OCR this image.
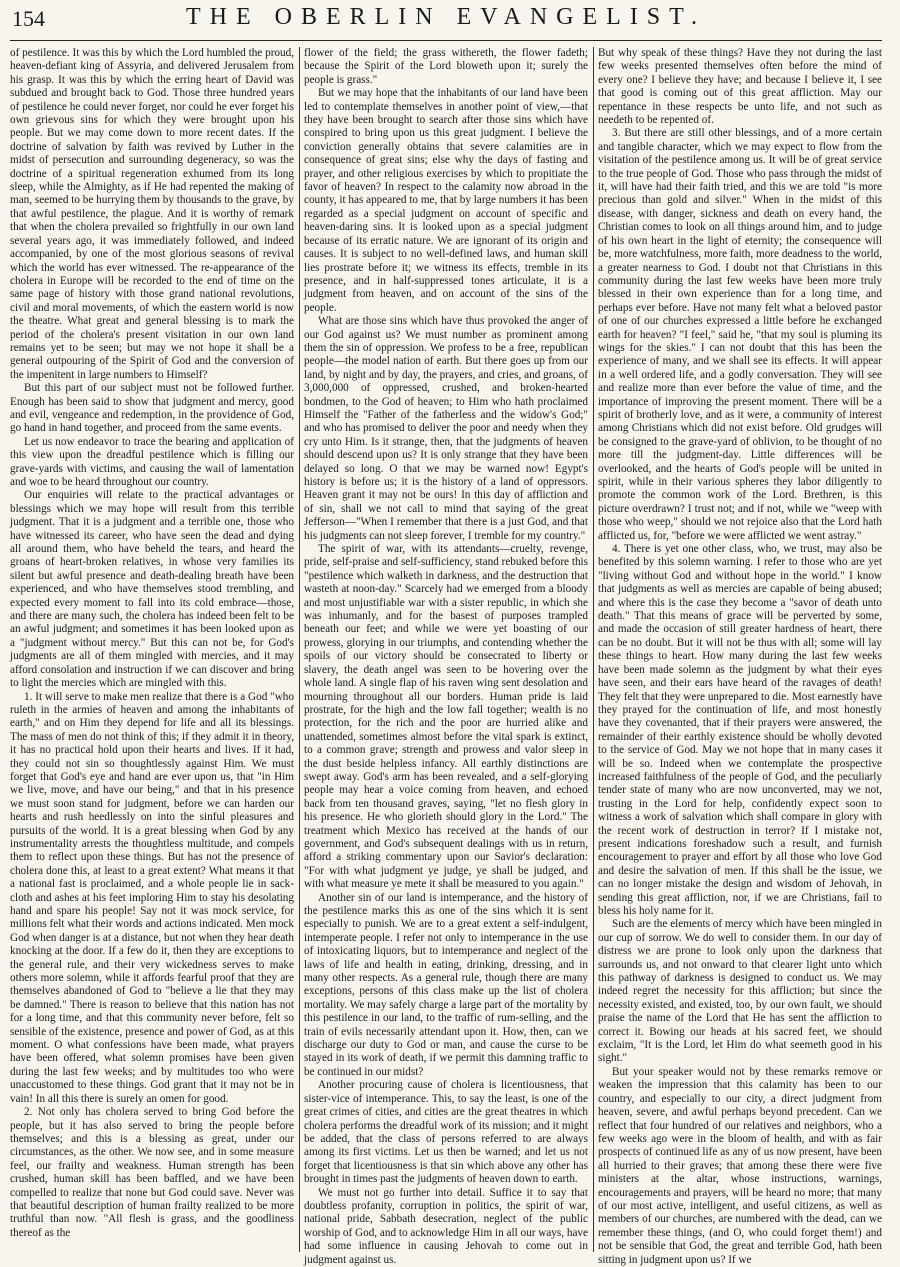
154	THE OBERLIN EVANGELIST.

of pestilence. It was this by which the Lord humbled the proud, heaven-defiant king of Assyria, and delivered Jerusalem from his grasp. It was this by which the erring heart of David was subdued and brought back to God. Those three hundred years of pestilence he could never forget, nor could he ever forget his own grievous sins for which they were brought upon his people. But we may come down to more recent dates. If the doctrine of salvation by faith was revived by Luther in the midst of persecution and surrounding degeneracy, so was the doctrine of a spiritual regeneration exhumed from its long sleep, while the Almighty, as if He had repented the making of man, seemed to be hurrying them by thousands to the grave, by that awful pestilence, the plague. And it is worthy of remark that when the cholera prevailed so frightfully in our own land several years ago, it was immediately followed, and indeed accompanied, by one of the most glorious seasons of revival which the world has ever witnessed. The re-appearance of the cholera in Europe will be recorded to the end of time on the same page of history with those grand national revolutions, civil and moral movements, of which the eastern world is now the theatre. What great and general blessing is to mark the period of the cholera's present visitation in our own land remains yet to be seen; but may we not hope it shall be a general outpouring of the Spirit of God and the conversion of the impenitent in large numbers to Himself?

But this part of our subject must not be followed further. Enough has been said to show that judgment and mercy, good and evil, vengeance and redemption, in the providence of God, go hand in hand together, and proceed from the same events.

Let us now endeavor to trace the bearing and application of this view upon the dreadful pestilence which is filling our grave-yards with victims, and causing the wail of lamentation and woe to be heard throughout our country.

Our enquiries will relate to the practical advantages or blessings which we may hope will result from this terrible judgment. That it is a judgment and a terrible one, those who have witnessed its career, who have seen the dead and dying all around them, who have beheld the tears, and heard the groans of heart-broken relatives, in whose very families its silent but awful presence and death-dealing breath have been experienced, and who have themselves stood trembling, and expected every moment to fall into its cold embrace—those, and there are many such, the cholera has indeed been felt to be an awful judgment; and sometimes it has been looked upon as a "judgment without mercy." But this can not be, for God's judgments are all of them mingled with mercies, and it may afford consolation and instruction if we can discover and bring to light the mercies which are mingled with this.

1. It will serve to make men realize that there is a God "who ruleth in the armies of heaven and among the inhabitants of earth," and on Him they depend for life and all its blessings. The mass of men do not think of this; if they admit it in theory, it has no practical hold upon their hearts and lives. If it had, they could not sin so thoughtlessly against Him. We must forget that God's eye and hand are ever upon us, that "in Him we live, move, and have our being," and that in his presence we must soon stand for judgment, before we can harden our hearts and rush heedlessly on into the sinful pleasures and pursuits of the world. It is a great blessing when God by any instrumentality arrests the thoughtless multitude, and compels them to reflect upon these things. But has not the presence of cholera done this, at least to a great extent? What means it that a national fast is proclaimed, and a whole people lie in sack-cloth and ashes at his feet imploring Him to stay his desolating hand and spare his people! Say not it was mock service, for millions felt what their words and actions indicated. Men mock God when danger is at a distance, but not when they hear death knocking at the door. If a few do it, then they are exceptions to the general rule, and their very wickedness serves to make others more solemn, while it affords fearful proof that they are themselves abandoned of God to "believe a lie that they may be damned." There is reason to believe that this nation has not for a long time, and that this community never before, felt so sensible of the existence, presence and power of God, as at this moment. O what confessions have been made, what prayers have been offered, what solemn promises have been given during the last few weeks; and by multitudes too who were unaccustomed to these things. God grant that it may not be in vain! In all this there is surely an omen for good.

2. Not only has cholera served to bring God before the people, but it has also served to bring the people before themselves; and this is a blessing as great, under our circumstances, as the other. We now see, and in some measure feel, our frailty and weakness. Human strength has been crushed, human skill has been baffled, and we have been compelled to realize that none but God could save. Never was that beautiful description of human frailty realized to be more truthful than now. "All flesh is grass, and the goodliness thereof as the

flower of the field; the grass withereth, the flower fadeth; because the Spirit of the Lord bloweth upon it; surely the people is grass."

But we may hope that the inhabitants of our land have been led to contemplate themselves in another point of view,—that they have been brought to search after those sins which have conspired to bring upon us this great judgment. I believe the conviction generally obtains that severe calamities are in consequence of great sins; else why the days of fasting and prayer, and other religious exercises by which to propitiate the favor of heaven? In respect to the calamity now abroad in the county, it has appeared to me, that by large numbers it has been regarded as a special judgment on account of specific and heaven-daring sins. It is looked upon as a special judgment because of its erratic nature. We are ignorant of its origin and causes. It is subject to no well-defined laws, and human skill lies prostrate before it; we witness its effects, tremble in its presence, and in half-suppressed tones articulate, it is a judgment from heaven, and on account of the sins of the people.

What are those sins which have thus provoked the anger of our God against us? We must number as prominent among them the sin of oppression. We profess to be a free, republican people—the model nation of earth. But there goes up from our land, by night and by day, the prayers, and cries, and groans, of 3,000,000 of oppressed, crushed, and broken-hearted bondmen, to the God of heaven; to Him who hath proclaimed Himself the "Father of the fatherless and the widow's God;" and who has promised to deliver the poor and needy when they cry unto Him. Is it strange, then, that the judgments of heaven should descend upon us? It is only strange that they have been delayed so long. O that we may be warned now! Egypt's history is before us; it is the history of a land of oppressors. Heaven grant it may not be ours! In this day of affliction and of sin, shall we not call to mind that saying of the great Jefferson—"When I remember that there is a just God, and that his judgments can not sleep forever, I tremble for my country."

The spirit of war, with its attendants—cruelty, revenge, pride, self-praise and self-sufficiency, stand rebuked before this "pestilence which walketh in darkness, and the destruction that wasteth at noon-day." Scarcely had we emerged from a bloody and most unjustifiable war with a sister republic, in which she was inhumanly, and for the basest of purposes trampled beneath our feet; and while we were yet boasting of our prowess, glorying in our triumphs, and contending whether the spoils of our victory should be consecrated to liberty or slavery, the death angel was seen to be hovering over the whole land. A single flap of his raven wing sent desolation and mourning throughout all our borders. Human pride is laid prostrate, for the high and the low fall together; wealth is no protection, for the rich and the poor are hurried alike and unattended, sometimes almost before the vital spark is extinct, to a common grave; strength and prowess and valor sleep in the dust beside helpless infancy. All earthly distinctions are swept away. God's arm has been revealed, and a self-glorying people may hear a voice coming from heaven, and echoed back from ten thousand graves, saying, "let no flesh glory in his presence. He who glorieth should glory in the Lord." The treatment which Mexico has received at the hands of our government, and God's subsequent dealings with us in return, afford a striking commentary upon our Savior's declaration: "For with what judgment ye judge, ye shall be judged, and with what measure ye mete it shall be measured to you again."

Another sin of our land is intemperance, and the history of the pestilence marks this as one of the sins which it is sent especially to punish. We are to a great extent a self-indulgent, intemperate people. I refer not only to intemperance in the use of intoxicating liquors, but to intemperance and neglect of the laws of life and health in eating, drinking, dressing, and in many other respects. As a general rule, though there are many exceptions, persons of this class make up the list of cholera mortality. We may safely charge a large part of the mortality by this pestilence in our land, to the traffic of rum-selling, and the train of evils necessarily attendant upon it. How, then, can we discharge our duty to God or man, and cause the curse to be stayed in its work of death, if we permit this damning traffic to be continued in our midst?

Another procuring cause of cholera is licentiousness, that sister-vice of intemperance. This, to say the least, is one of the great crimes of cities, and cities are the great theatres in which cholera performs the dreadful work of its mission; and it might be added, that the class of persons referred to are always among its first victims. Let us then be warned; and let us not forget that licentiousness is that sin which above any other has brought in times past the judgments of heaven down to earth.

We must not go further into detail. Suffice it to say that doubtless profanity, corruption in politics, the spirit of war, national pride, Sabbath desecration, neglect of the public worship of God, and to acknowledge Him in all our ways, have had some influence in causing Jehovah to come out in judgment against us.

But why speak of these things? Have they not during the last few weeks presented themselves often before the mind of every one? I believe they have; and because I believe it, I see that good is coming out of this great affliction. May our repentance in these respects be unto life, and not such as needeth to be repented of.

3. But there are still other blessings, and of a more certain and tangible character, which we may expect to flow from the visitation of the pestilence among us. It will be of great service to the true people of God. Those who pass through the midst of it, will have had their faith tried, and this we are told "is more precious than gold and silver." When in the midst of this disease, with danger, sickness and death on every hand, the Christian comes to look on all things around him, and to judge of his own heart in the light of eternity; the consequence will be, more watchfulness, more faith, more deadness to the world, a greater nearness to God. I doubt not that Christians in this community during the last few weeks have been more truly blessed in their own experience than for a long time, and perhaps ever before. Have not many felt what a beloved pastor of one of our churches expressed a little before he exchanged earth for heaven? "I feel," said he, "that my soul is pluming its wings for the skies." I can not doubt that this has been the experience of many, and we shall see its effects. It will appear in a well ordered life, and a godly conversation. They will see and realize more than ever before the value of time, and the importance of improving the present moment. There will be a spirit of brotherly love, and as it were, a community of interest among Christians which did not exist before. Old grudges will be consigned to the grave-yard of oblivion, to be thought of no more till the judgment-day. Little differences will be overlooked, and the hearts of God's people will be united in spirit, while in their various spheres they labor diligently to promote the common work of the Lord. Brethren, is this picture overdrawn? I trust not; and if not, while we "weep with those who weep," should we not rejoice also that the Lord hath afflicted us, for, "before we were afflicted we went astray."

4. There is yet one other class, who, we trust, may also be benefited by this solemn warning. I refer to those who are yet "living without God and without hope in the world." I know that judgments as well as mercies are capable of being abused; and where this is the case they become a "savor of death unto death." That this means of grace will be perverted by some, and made the occasion of still greater hardness of heart, there can be no doubt. But it will not be thus with all; some will lay these things to heart. How many during the last few weeks have been made solemn as the judgment by what their eyes have seen, and their ears have heard of the ravages of death! They felt that they were unprepared to die. Most earnestly have they prayed for the continuation of life, and most honestly have they covenanted, that if their prayers were answered, the remainder of their earthly existence should be wholly devoted to the service of God. May we not hope that in many cases it will be so. Indeed when we contemplate the prospective increased faithfulness of the people of God, and the peculiarly tender state of many who are now unconverted, may we not, trusting in the Lord for help, confidently expect soon to witness a work of salvation which shall compare in glory with the recent work of destruction in terror? If I mistake not, present indications foreshadow such a result, and furnish encouragement to prayer and effort by all those who love God and desire the salvation of men. If this shall be the issue, we can no longer mistake the design and wisdom of Jehovah, in sending this great affliction, nor, if we are Christians, fail to bless his holy name for it.

Such are the elements of mercy which have been mingled in our cup of sorrow. We do well to consider them. In our day of distress we are prone to look only upon the darkness that surrounds us, and not onward to that clearer light unto which this pathway of darkness is designed to conduct us. We may indeed regret the necessity for this affliction; but since the necessity existed, and existed, too, by our own fault, we should praise the name of the Lord that He has sent the affliction to correct it. Bowing our heads at his sacred feet, we should exclaim, "It is the Lord, let Him do what seemeth good in his sight."

But your speaker would not by these remarks remove or weaken the impression that this calamity has been to our country, and especially to our city, a direct judgment from heaven, severe, and awful perhaps beyond precedent. Can we reflect that four hundred of our relatives and neighbors, who a few weeks ago were in the bloom of health, and with as fair prospects of continued life as any of us now present, have been all hurried to their graves; that among these there were five ministers at the altar, whose instructions, warnings, encouragements and prayers, will be heard no more; that many of our most active, intelligent, and useful citizens, as well as members of our churches, are numbered with the dead, can we remember these things, (and O, who could forget them!) and not be sensible that God, the great and terrible God, hath been sitting in judgment upon us? If we
